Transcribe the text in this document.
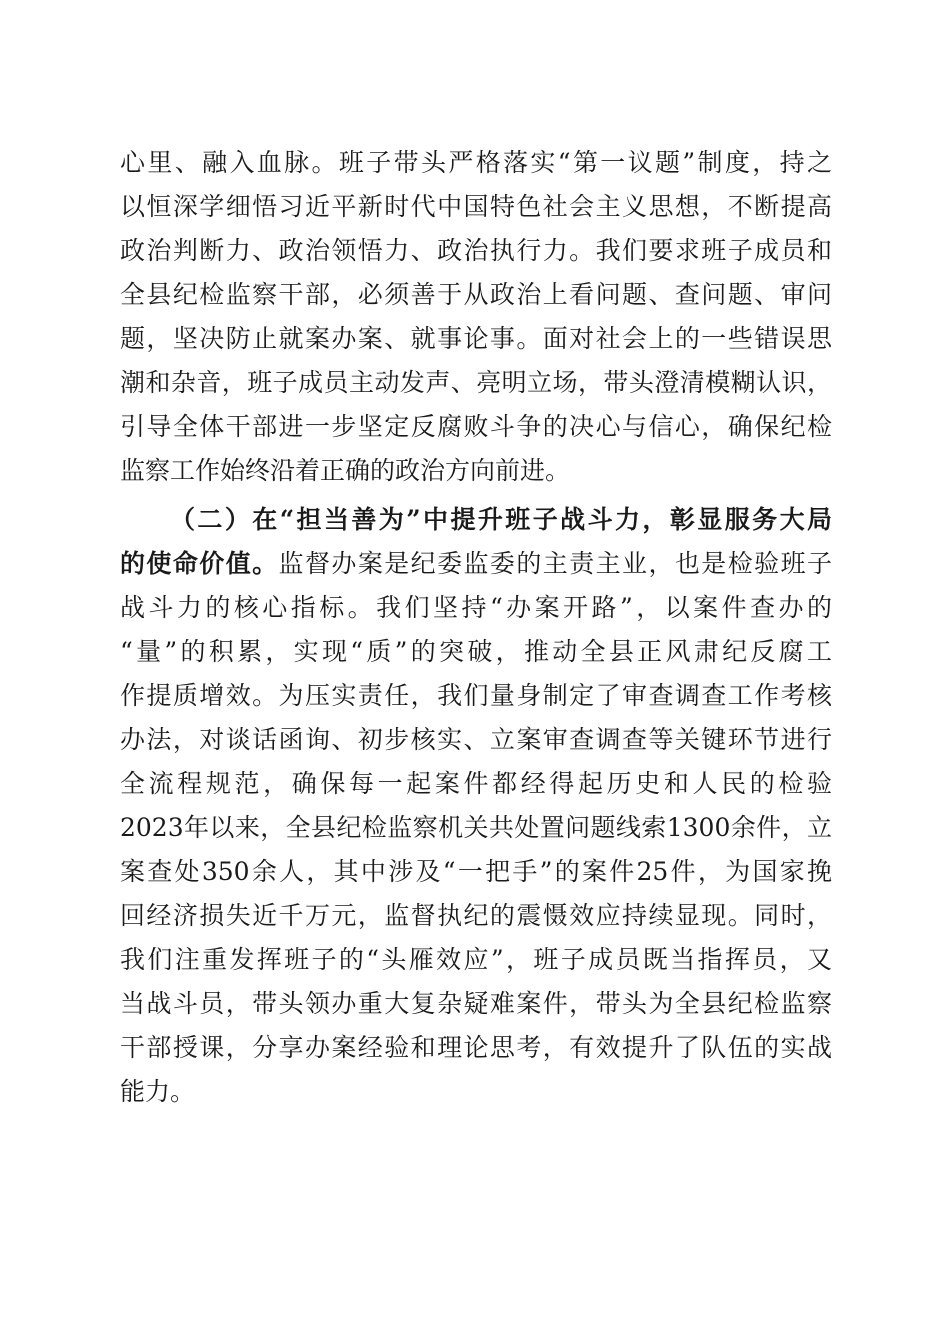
心里、融入血脉。班子带头严格落实“第一议题”制度，持之
以恒深学细悟习近平新时代中国特色社会主义思想，不断提高
政治判断力、政治领悟力、政治执行力。我们要求班子成员和
全县纪检监察干部，必须善于从政治上看问题、查问题、审问
题，坚决防止就案办案、就事论事。面对社会上的一些错误思
潮和杂音，班子成员主动发声、亮明立场，带头澄清模糊认识，
引导全体干部进一步坚定反腐败斗争的决心与信心，确保纪检
监察工作始终沿着正确的政治方向前进。
（二）在“担当善为”中提升班子战斗力，彰显服务大局
的使命价值。监督办案是纪委监委的主责主业，也是检验班子
战斗力的核心指标。我们坚持“办案开路”，以案件查办的
“量”的积累，实现“质”的突破，推动全县正风肃纪反腐工
作提质增效。为压实责任，我们量身制定了审查调查工作考核
办法，对谈话函询、初步核实、立案审查调查等关键环节进行
全流程规范，确保每一起案件都经得起历史和人民的检验
2023年以来，全县纪检监察机关共处置问题线索1300余件，立
案查处350余人，其中涉及“一把手”的案件25件，为国家挽
回经济损失近千万元，监督执纪的震慑效应持续显现。同时，
我们注重发挥班子的“头雁效应”，班子成员既当指挥员，又
当战斗员，带头领办重大复杂疑难案件，带头为全县纪检监察
干部授课，分享办案经验和理论思考，有效提升了队伍的实战
能力。
